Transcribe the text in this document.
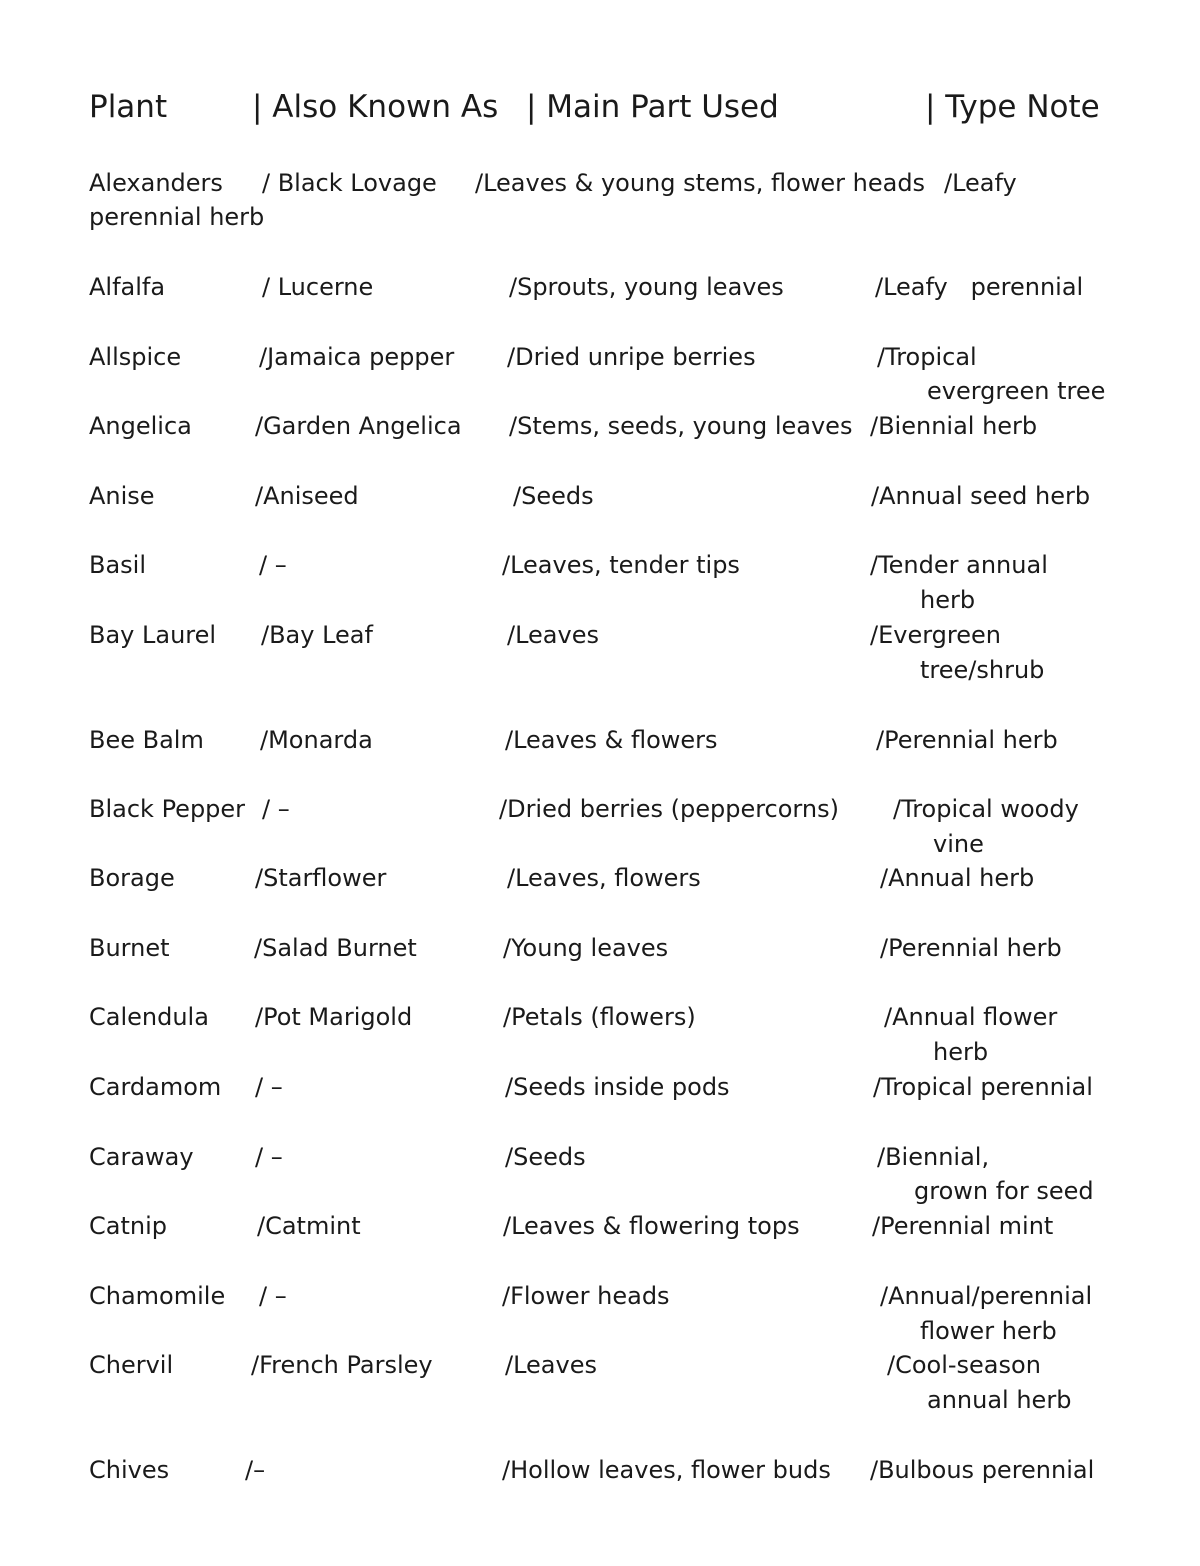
Plant	| Also Known As | Main Part Used	| Type Note
Alexanders / Black Lovage /Leaves & young stems, flower heads /Leafy
perennial herb
Alfalfa	/ Lucerne	/Sprouts, young leaves	/Leafy   perennial
Allspice	/Jamaica pepper /Dried unripe berries	/Tropical
evergreen tree
Angelica	/Garden Angelica /Stems, seeds, young leaves /Biennial herb
Anise	/Aniseed	/Seeds	/Annual seed herb
Basil	/ –	/Leaves, tender tips	/Tender annual
herb
Bay Laurel /Bay Leaf	/Leaves	/Evergreen
tree/shrub
Bee Balm /Monarda	/Leaves & flowers	/Perennial herb
Black Pepper / –	/Dried berries (peppercorns) /Tropical woody
vine
Borage	/Starflower	/Leaves, flowers	/Annual herb
Burnet	/Salad Burnet	/Young leaves	/Perennial herb
Calendula /Pot Marigold	/Petals (flowers)	/Annual flower
herb
Cardamom / –	/Seeds inside pods	/Tropical perennial
Caraway	/ –	/Seeds	/Biennial,
grown for seed
Catnip	/Catmint	/Leaves & flowering tops	/Perennial mint
Chamomile / –	/Flower heads	/Annual/perennial
flower herb
Chervil	/French Parsley	/Leaves	/Cool-season
annual herb
Chives	/–	/Hollow leaves, flower buds /Bulbous perennial
